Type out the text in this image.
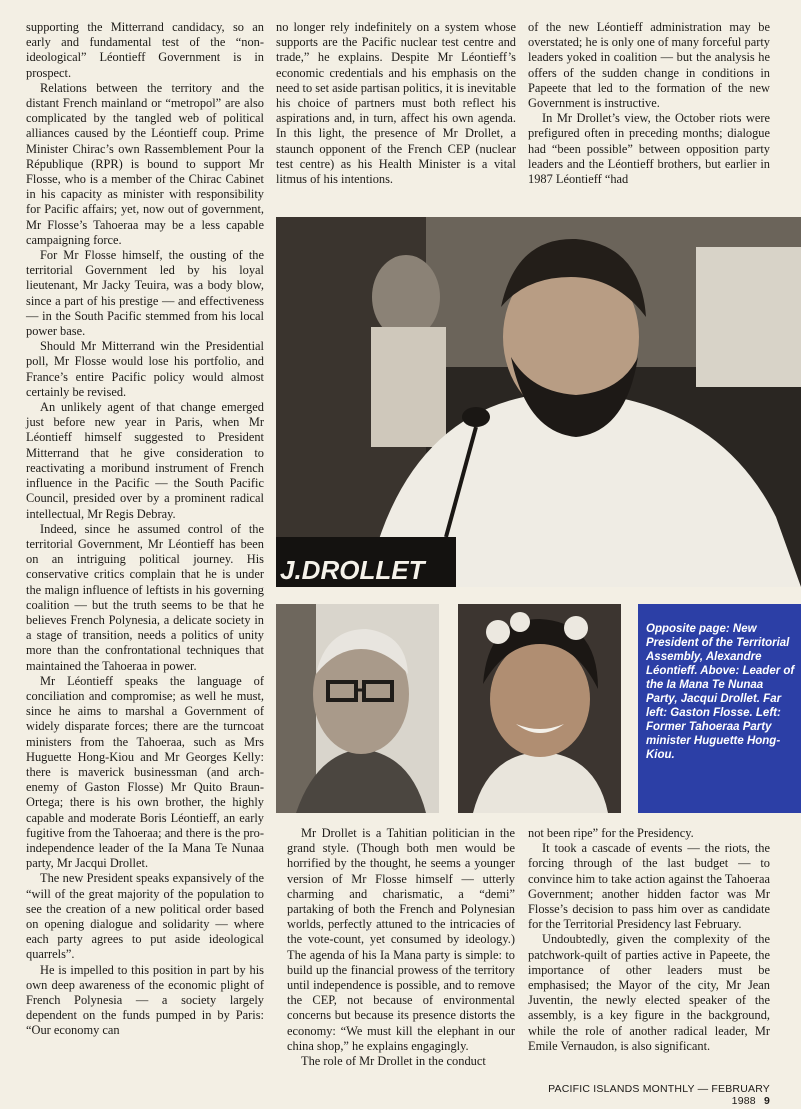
supporting the Mitterrand candidacy, so an early and fundamental test of the “non-ideological” Léontieff Government is in prospect.

Relations between the territory and the distant French mainland or “metropol” are also complicated by the tangled web of political alliances caused by the Léontieff coup. Prime Minister Chirac’s own Rassemblement Pour la République (RPR) is bound to support Mr Flosse, who is a member of the Chirac Cabinet in his capacity as minister with responsibility for Pacific affairs; yet, now out of government, Mr Flosse’s Tahoeraa may be a less capable campaigning force.

For Mr Flosse himself, the ousting of the territorial Government led by his loyal lieutenant, Mr Jacky Teuira, was a body blow, since a part of his prestige — and effectiveness — in the South Pacific stemmed from his local power base.

Should Mr Mitterrand win the Presidential poll, Mr Flosse would lose his portfolio, and France’s entire Pacific policy would almost certainly be revised.

An unlikely agent of that change emerged just before new year in Paris, when Mr Léontieff himself suggested to President Mitterrand that he give consideration to reactivating a moribund instrument of French influence in the Pacific — the South Pacific Council, presided over by a prominent radical intellectual, Mr Regis Debray.

Indeed, since he assumed control of the territorial Government, Mr Léontieff has been on an intriguing political journey. His conservative critics complain that he is under the malign influence of leftists in his governing coalition — but the truth seems to be that he believes French Polynesia, a delicate society in a stage of transition, needs a politics of unity more than the confrontational techniques that maintained the Tahoeraa in power.

Mr Léontieff speaks the language of conciliation and compromise; as well he must, since he aims to marshal a Government of widely disparate forces; there are the turncoat ministers from the Tahoeraa, such as Mrs Huguette Hong-Kiou and Mr Georges Kelly: there is maverick businessman (and arch-enemy of Gaston Flosse) Mr Quito Braun-Ortega; there is his own brother, the highly capable and moderate Boris Léontieff, an early fugitive from the Tahoeraa; and there is the pro-independence leader of the Ia Mana Te Nunaa party, Mr Jacqui Drollet.

The new President speaks expansively of the “will of the great majority of the population to see the creation of a new political order based on opening dialogue and solidarity — where each party agrees to put aside ideological quarrels”.

He is impelled to this position in part by his own deep awareness of the economic plight of French Polynesia — a society largely dependent on the funds pumped in by Paris: “Our economy can

no longer rely indefinitely on a system whose supports are the Pacific nuclear test centre and trade,” he explains. Despite Mr Léontieff’s economic credentials and his emphasis on the need to set aside partisan politics, it is inevitable his choice of partners must both reflect his aspirations and, in turn, affect his own agenda. In this light, the presence of Mr Drollet, a staunch opponent of the French CEP (nuclear test centre) as his Health Minister is a vital litmus of his intentions.

of the new Léontieff administration may be overstated; he is only one of many forceful party leaders yoked in coalition — but the analysis he offers of the sudden change in conditions in Papeete that led to the formation of the new Government is instructive.

In Mr Drollet’s view, the October riots were prefigured often in preceding months; dialogue had “been possible” between opposition party leaders and the Léontieff brothers, but earlier in 1987 Léontieff “had

J.DROLLET
Opposite page: New President of the Territorial Assembly, Alexandre Léontieff. Above: Leader of the Ia Mana Te Nunaa Party, Jacqui Drollet. Far left: Gaston Flosse. Left: Former Tahoeraa Party minister Huguette Hong-Kiou.

Mr Drollet is a Tahitian politician in the grand style. (Though both men would be horrified by the thought, he seems a younger version of Mr Flosse himself — utterly charming and charismatic, a “demi” partaking of both the French and Polynesian worlds, perfectly attuned to the intricacies of the vote-count, yet consumed by ideology.) The agenda of his Ia Mana party is simple: to build up the financial prowess of the territory until independence is possible, and to remove the CEP, not because of environmental concerns but because its presence distorts the economy: “We must kill the elephant in our china shop,” he explains engagingly.

The role of Mr Drollet in the conduct

not been ripe” for the Presidency.

It took a cascade of events — the riots, the forcing through of the last budget — to convince him to take action against the Tahoeraa Government; another hidden factor was Mr Flosse’s decision to pass him over as candidate for the Territorial Presidency last February.

Undoubtedly, given the complexity of the patchwork-quilt of parties active in Papeete, the importance of other leaders must be emphasised; the Mayor of the city, Mr Jean Juventin, the newly elected speaker of the assembly, is a key figure in the background, while the role of another radical leader, Mr Emile Vernaudon, is also significant.

PACIFIC ISLANDS MONTHLY — FEBRUARY 1988 9
